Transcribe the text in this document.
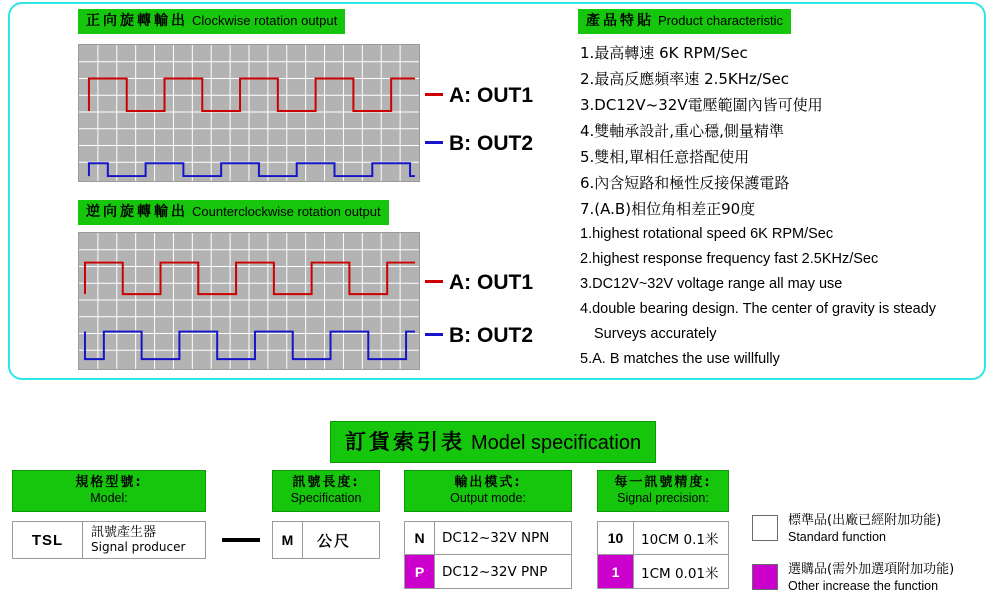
正向旋轉輸出 Clockwise rotation output
A: OUT1
B: OUT2
逆向旋轉輸出 Counterclockwise rotation output
A: OUT1
B: OUT2
產品特貼 Product characteristic
1.最高轉速 6K RPM/Sec
2.最高反應頻率速 2.5KHz/Sec
3.DC12V~32V電壓範圍內皆可使用
4.雙軸承設計,重心穩,側量精準
5.雙相,單相任意搭配使用
6.內含短路和極性反接保護電路
7.(A.B)相位角相差正90度
1.highest rotational speed 6K RPM/Sec
2.highest response frequency fast 2.5KHz/Sec
3.DC12V~32V voltage range all may use
4.double bearing design. The center of gravity is steady
Surveys accurately
5.A. B matches the use willfully
訂貨索引表 Model specification
規格型號:
Model:
TSL	訊號產生器
Signal producer
訊號長度:
Specification
M	公尺
輸出模式:
Output mode:
N	DC12~32V NPN
P	DC12~32V PNP
每一訊號精度:
Signal precision:
10	10CM 0.1米
1	1CM 0.01米
標準品(出廠已經附加功能)
Standard function
選購品(需外加選項附加功能)
Other increase the function
